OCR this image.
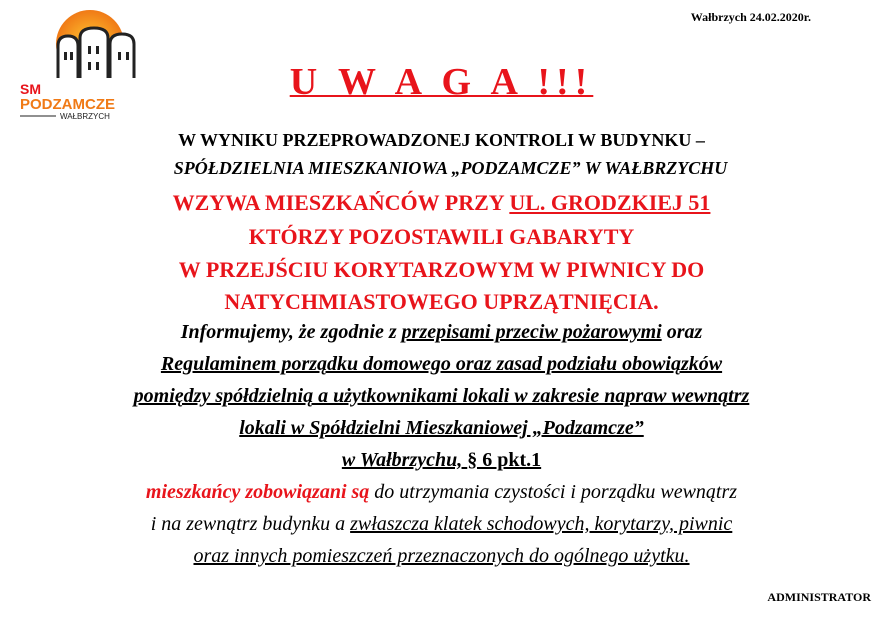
Wałbrzych 24.02.2020r.
SM
PODZAMCZE
WAŁBRZYCH
U W A G A !!!
W WYNIKU PRZEPROWADZONEJ KONTROLI W BUDYNKU –
SPÓŁDZIELNIA MIESZKANIOWA „PODZAMCZE” W WAŁBRZYCHU
WZYWA MIESZKAŃCÓW PRZY UL. GRODZKIEJ 51
KTÓRZY POZOSTAWILI GABARYTY
W PRZEJŚCIU KORYTARZOWYM W PIWNICY DO
NATYCHMIASTOWEGO UPRZĄTNIĘCIA.
Informujemy, że zgodnie z przepisami przeciw pożarowymi oraz
Regulaminem porządku domowego oraz zasad podziału obowiązków
pomiędzy spółdzielnią a użytkownikami lokali w zakresie napraw wewnątrz
lokali w Spółdzielni Mieszkaniowej „Podzamcze”
w Wałbrzychu, § 6 pkt.1
mieszkańcy zobowiązani są do utrzymania czystości i porządku wewnątrz
i na zewnątrz budynku a zwłaszcza klatek schodowych, korytarzy, piwnic
oraz innych pomieszczeń przeznaczonych do ogólnego użytku.
ADMINISTRATOR
